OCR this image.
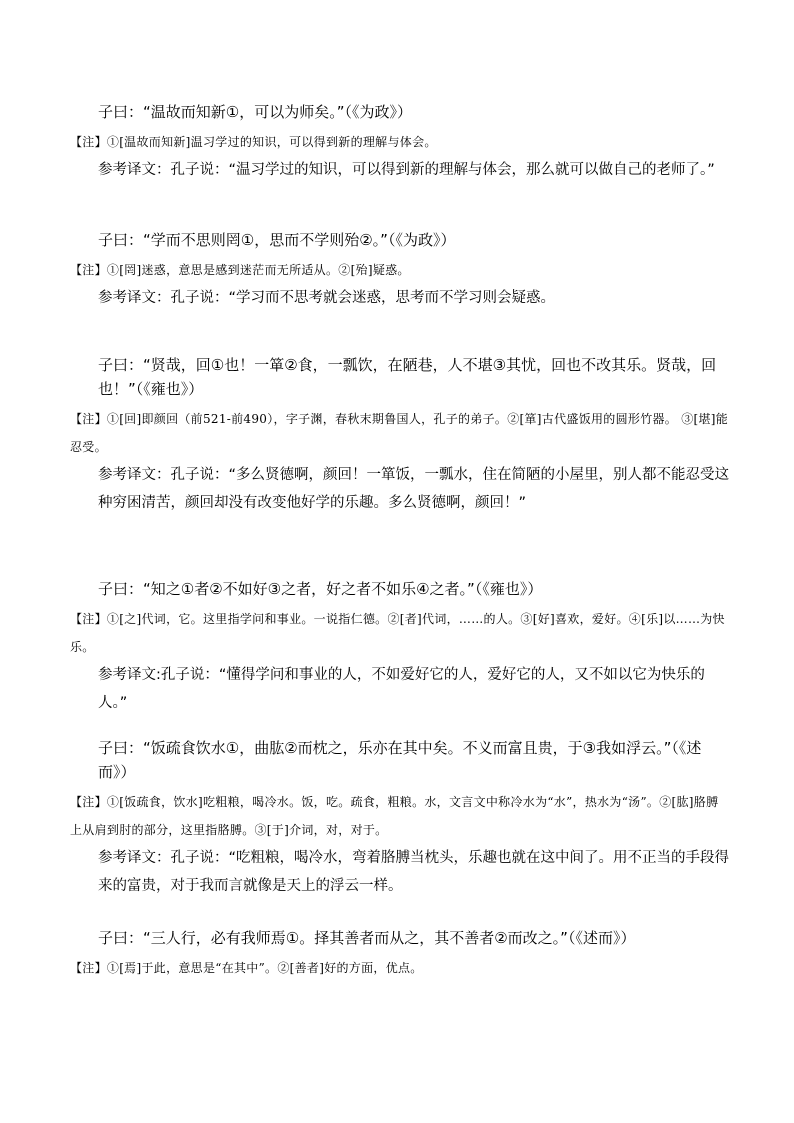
子曰：“温故而知新①，可以为师矣。”（《为政》）

【注】①[温故而知新]温习学过的知识，可以得到新的理解与体会。

参考译文：孔子说：“温习学过的知识，可以得到新的理解与体会，那么就可以做自己的老师了。”

子曰：“学而不思则罔①，思而不学则殆②。”（《为政》）

【注】①[罔]迷惑，意思是感到迷茫而无所适从。②[殆]疑惑。

参考译文：孔子说：“学习而不思考就会迷惑，思考而不学习则会疑惑。

子曰：“贤哉，回①也！一箪②食，一瓢饮，在陋巷，人不堪③其忧，回也不改其乐。贤哉，回也！”（《雍也》）

【注】①[回]即颜回（前521-前490），字子渊，春秋末期鲁国人，孔子的弟子。②[箪]古代盛饭用的圆形竹器。 ③[堪]能忍受。

参考译文：孔子说：“多么贤德啊，颜回！一箪饭，一瓢水，住在简陋的小屋里，别人都不能忍受这种穷困清苦，颜回却没有改变他好学的乐趣。多么贤德啊，颜回！”

子曰：“知之①者②不如好③之者，好之者不如乐④之者。”（《雍也》）

【注】①[之]代词，它。这里指学问和事业。一说指仁德。②[者]代词，……的人。③[好]喜欢，爱好。④[乐]以……为快乐。

参考译文:孔子说：“懂得学问和事业的人，不如爱好它的人，爱好它的人，又不如以它为快乐的人。”

子曰：“饭疏食饮水①，曲肱②而枕之，乐亦在其中矣。不义而富且贵，于③我如浮云。”（《述而》）

【注】①[饭疏食，饮水]吃粗粮，喝冷水。饭，吃。疏食，粗粮。水，文言文中称冷水为“水”，热水为“汤”。②[肱]胳膊上从肩到肘的部分，这里指胳膊。③[于]介词，对，对于。

参考译文：孔子说：“吃粗粮，喝冷水，弯着胳膊当枕头，乐趣也就在这中间了。用不正当的手段得来的富贵，对于我而言就像是天上的浮云一样。

子曰：“三人行，必有我师焉①。择其善者而从之，其不善者②而改之。”（《述而》）

【注】①[焉]于此，意思是“在其中”。②[善者]好的方面，优点。
